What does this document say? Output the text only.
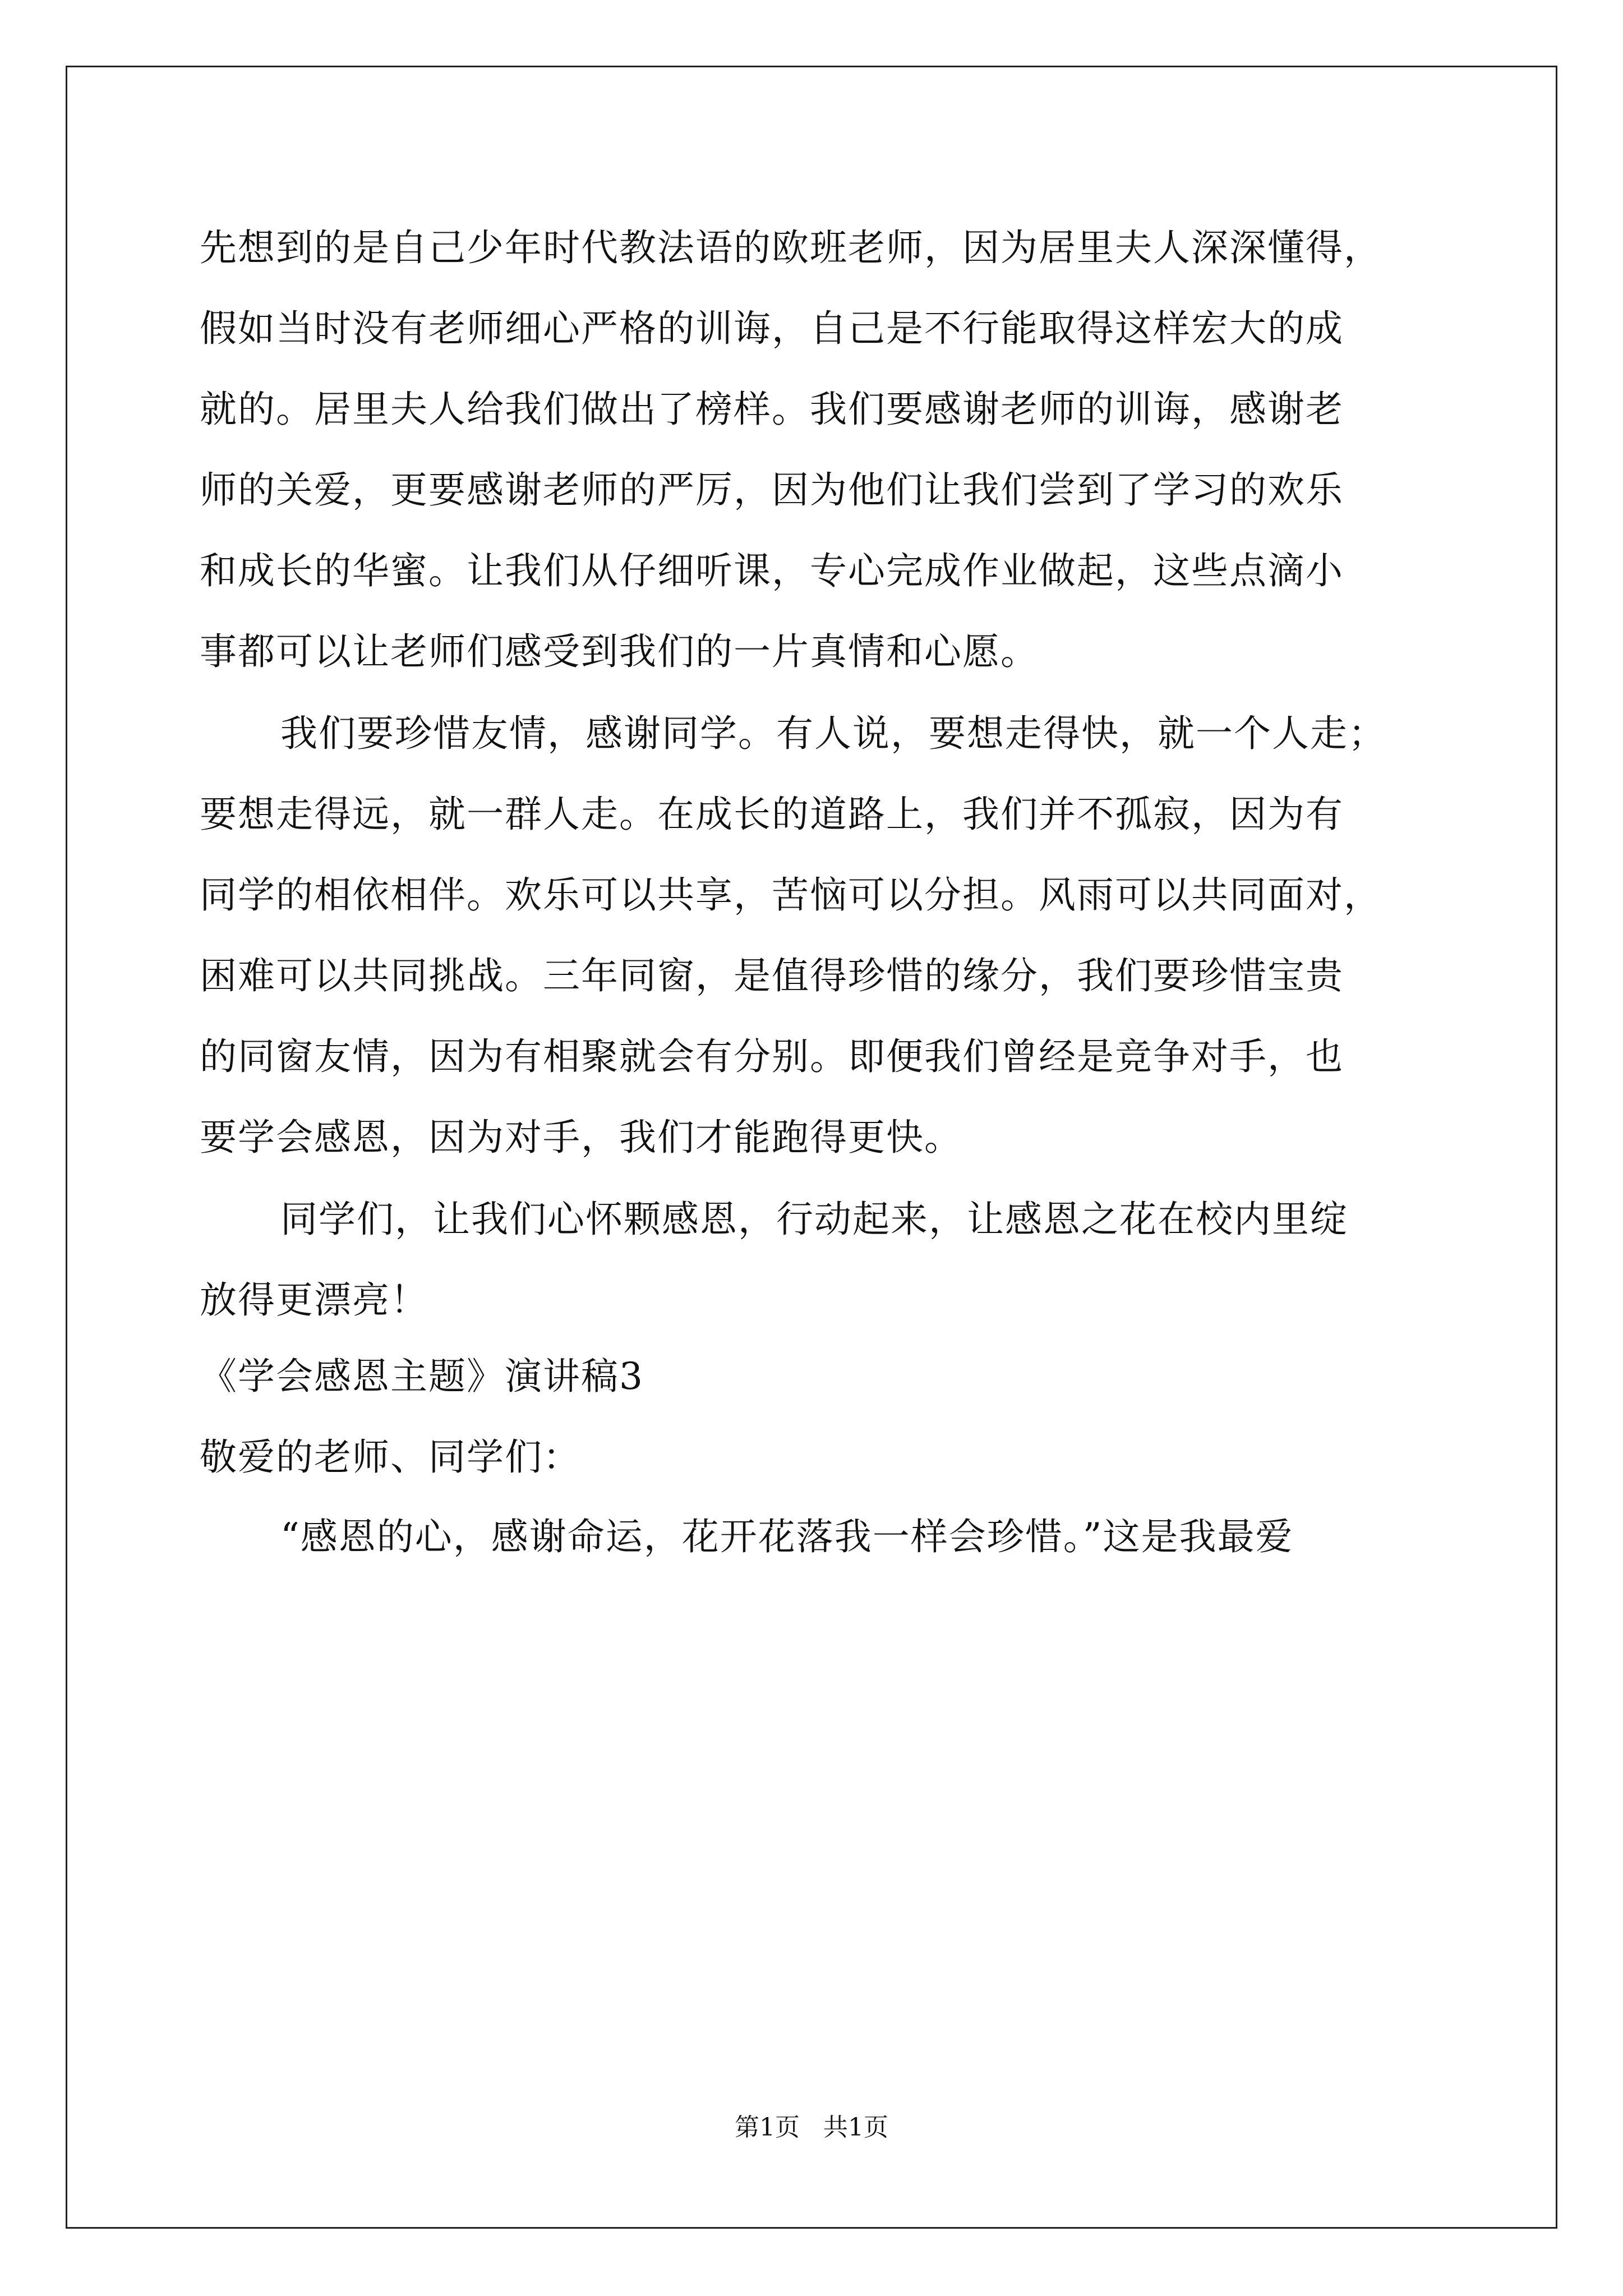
先想到的是自己少年时代教法语的欧班老师，因为居里夫人深深懂得，
假如当时没有老师细心严格的训诲，自己是不行能取得这样宏大的成
就的。居里夫人给我们做出了榜样。我们要感谢老师的训诲，感谢老
师的关爱，更要感谢老师的严厉，因为他们让我们尝到了学习的欢乐
和成长的华蜜。让我们从仔细听课，专心完成作业做起，这些点滴小
事都可以让老师们感受到我们的一片真情和心愿。
我们要珍惜友情，感谢同学。有人说，要想走得快，就一个人走；
要想走得远，就一群人走。在成长的道路上，我们并不孤寂，因为有
同学的相依相伴。欢乐可以共享，苦恼可以分担。风雨可以共同面对，
困难可以共同挑战。三年同窗，是值得珍惜的缘分，我们要珍惜宝贵
的同窗友情，因为有相聚就会有分别。即便我们曾经是竞争对手，也
要学会感恩，因为对手，我们才能跑得更快。
同学们，让我们心怀颗感恩，行动起来，让感恩之花在校内里绽
放得更漂亮！
《学会感恩主题》演讲稿3
敬爱的老师、同学们：
“感恩的心，感谢命运，花开花落我一样会珍惜。”这是我最爱
第1页   共1页
